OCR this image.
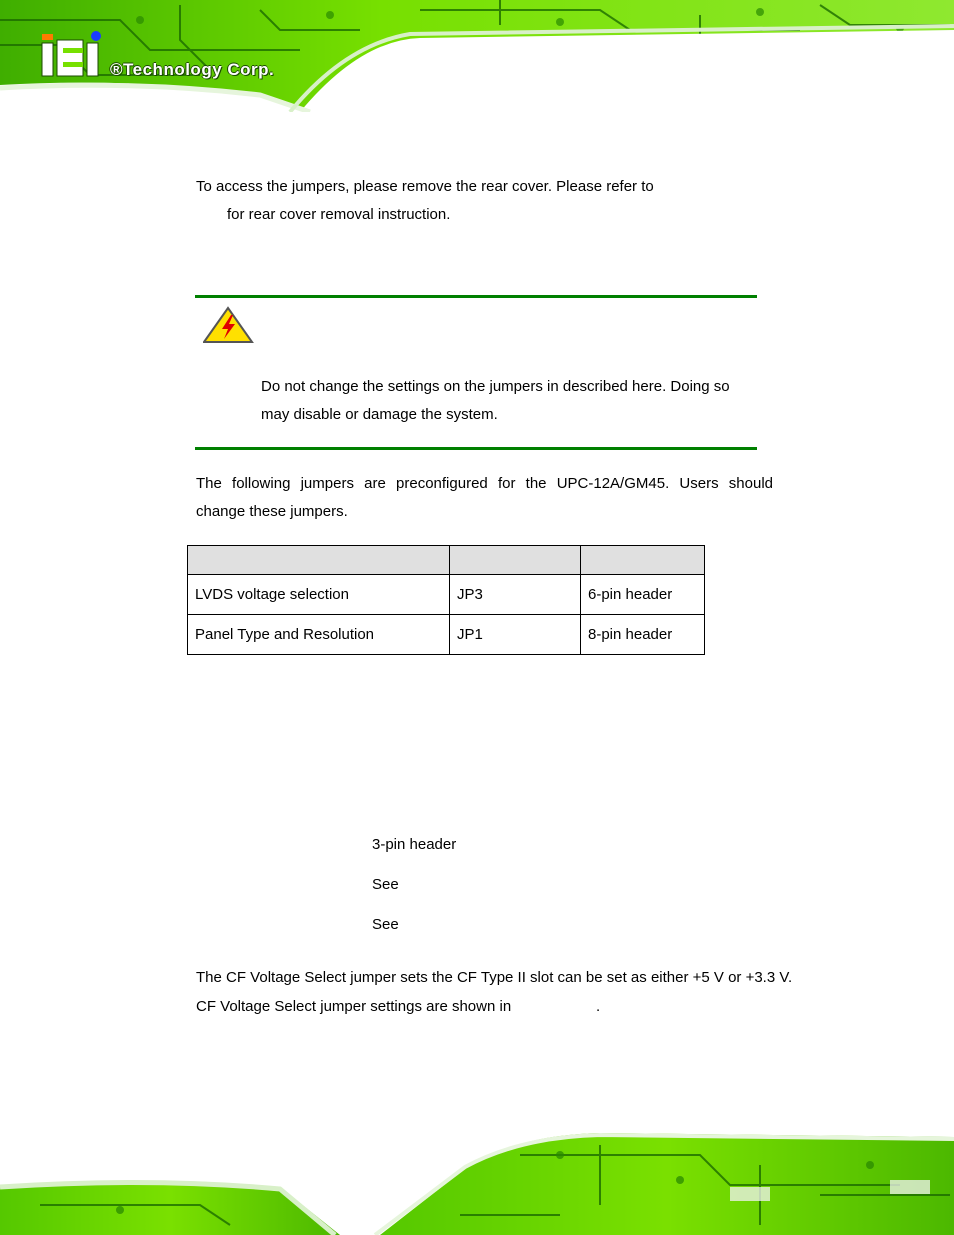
®Technology Corp.

To access the jumpers, please remove the rear cover. Please refer to

for rear cover removal instruction.

Do not change the settings on the jumpers in described here. Doing so
may disable or damage the system.
The following jumpers are preconfigured for the UPC-12A/GM45. Users should
change these jumpers.

LVDS voltage selection	JP3	6-pin header
Panel Type and Resolution	JP1	8-pin header
3-pin header
See
See
The CF Voltage Select jumper sets the CF Type II slot can be set as either +5 V or +3.3 V.
CF Voltage Select jumper settings are shown in	.
